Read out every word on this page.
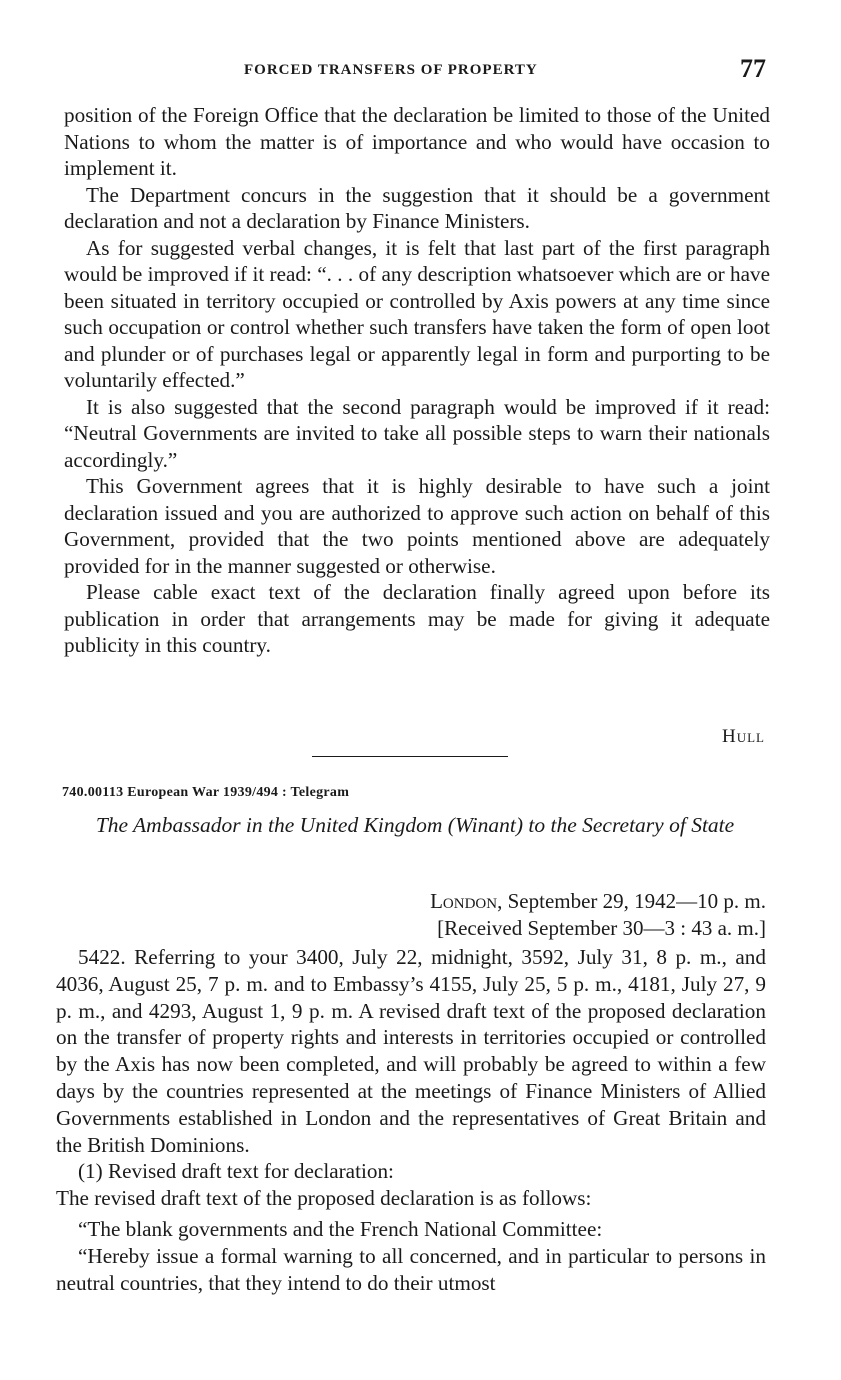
FORCED TRANSFERS OF PROPERTY	77

position of the Foreign Office that the declaration be limited to those of the United Nations to whom the matter is of importance and who would have occasion to implement it.

The Department concurs in the suggestion that it should be a government declaration and not a declaration by Finance Ministers.

As for suggested verbal changes, it is felt that last part of the first paragraph would be improved if it read: “. . . of any description whatsoever which are or have been situated in territory occupied or controlled by Axis powers at any time since such occupation or control whether such transfers have taken the form of open loot and plunder or of purchases legal or apparently legal in form and purporting to be voluntarily effected.”

It is also suggested that the second paragraph would be improved if it read: “Neutral Governments are invited to take all possible steps to warn their nationals accordingly.”

This Government agrees that it is highly desirable to have such a joint declaration issued and you are authorized to approve such action on behalf of this Government, provided that the two points mentioned above are adequately provided for in the manner suggested or otherwise.

Please cable exact text of the declaration finally agreed upon before its publication in order that arrangements may be made for giving it adequate publicity in this country.

Hull
740.00113 European War 1939/494 : Telegram
The Ambassador in the United Kingdom (Winant) to the Secretary of State
London, September 29, 1942—10 p. m.
[Received September 30—3 : 43 a. m.]

5422. Referring to your 3400, July 22, midnight, 3592, July 31, 8 p. m., and 4036, August 25, 7 p. m. and to Embassy’s 4155, July 25, 5 p. m., 4181, July 27, 9 p. m., and 4293, August 1, 9 p. m. A revised draft text of the proposed declaration on the transfer of property rights and interests in territories occupied or controlled by the Axis has now been completed, and will probably be agreed to within a few days by the countries represented at the meetings of Finance Ministers of Allied Governments established in London and the representatives of Great Britain and the British Dominions.

(1) Revised draft text for declaration:

The revised draft text of the proposed declaration is as follows:

“The blank governments and the French National Committee:

“Hereby issue a formal warning to all concerned, and in particular to persons in neutral countries, that they intend to do their utmost
